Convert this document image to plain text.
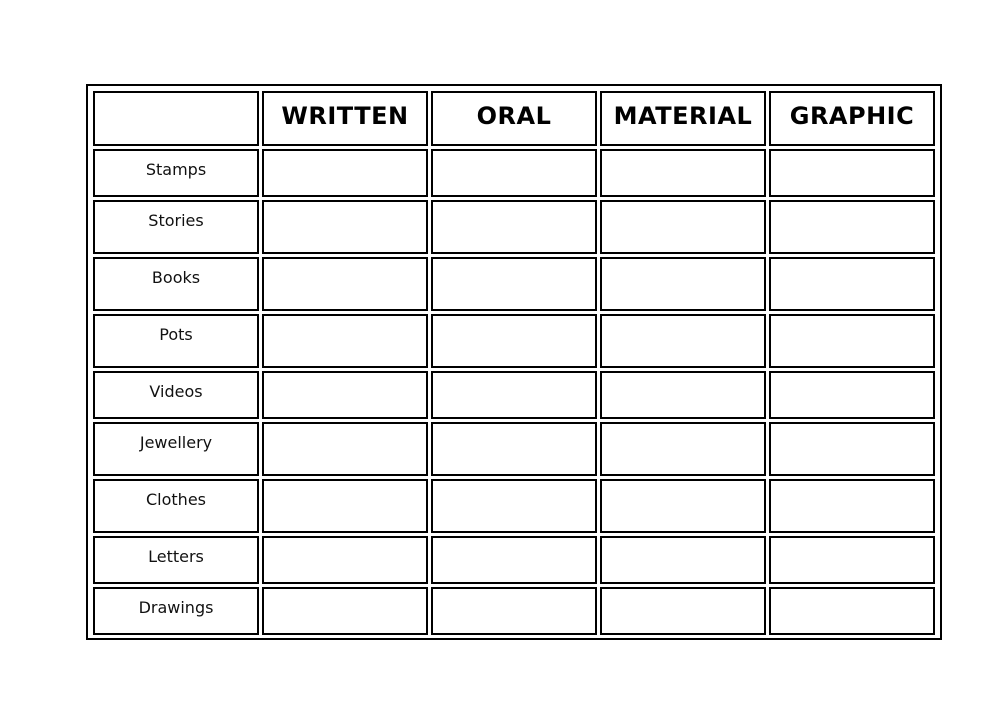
	WRITTEN	ORAL	MATERIAL	GRAPHIC
Stamps				
Stories				
Books				
Pots				
Videos				
Jewellery				
Clothes				
Letters				
Drawings				
